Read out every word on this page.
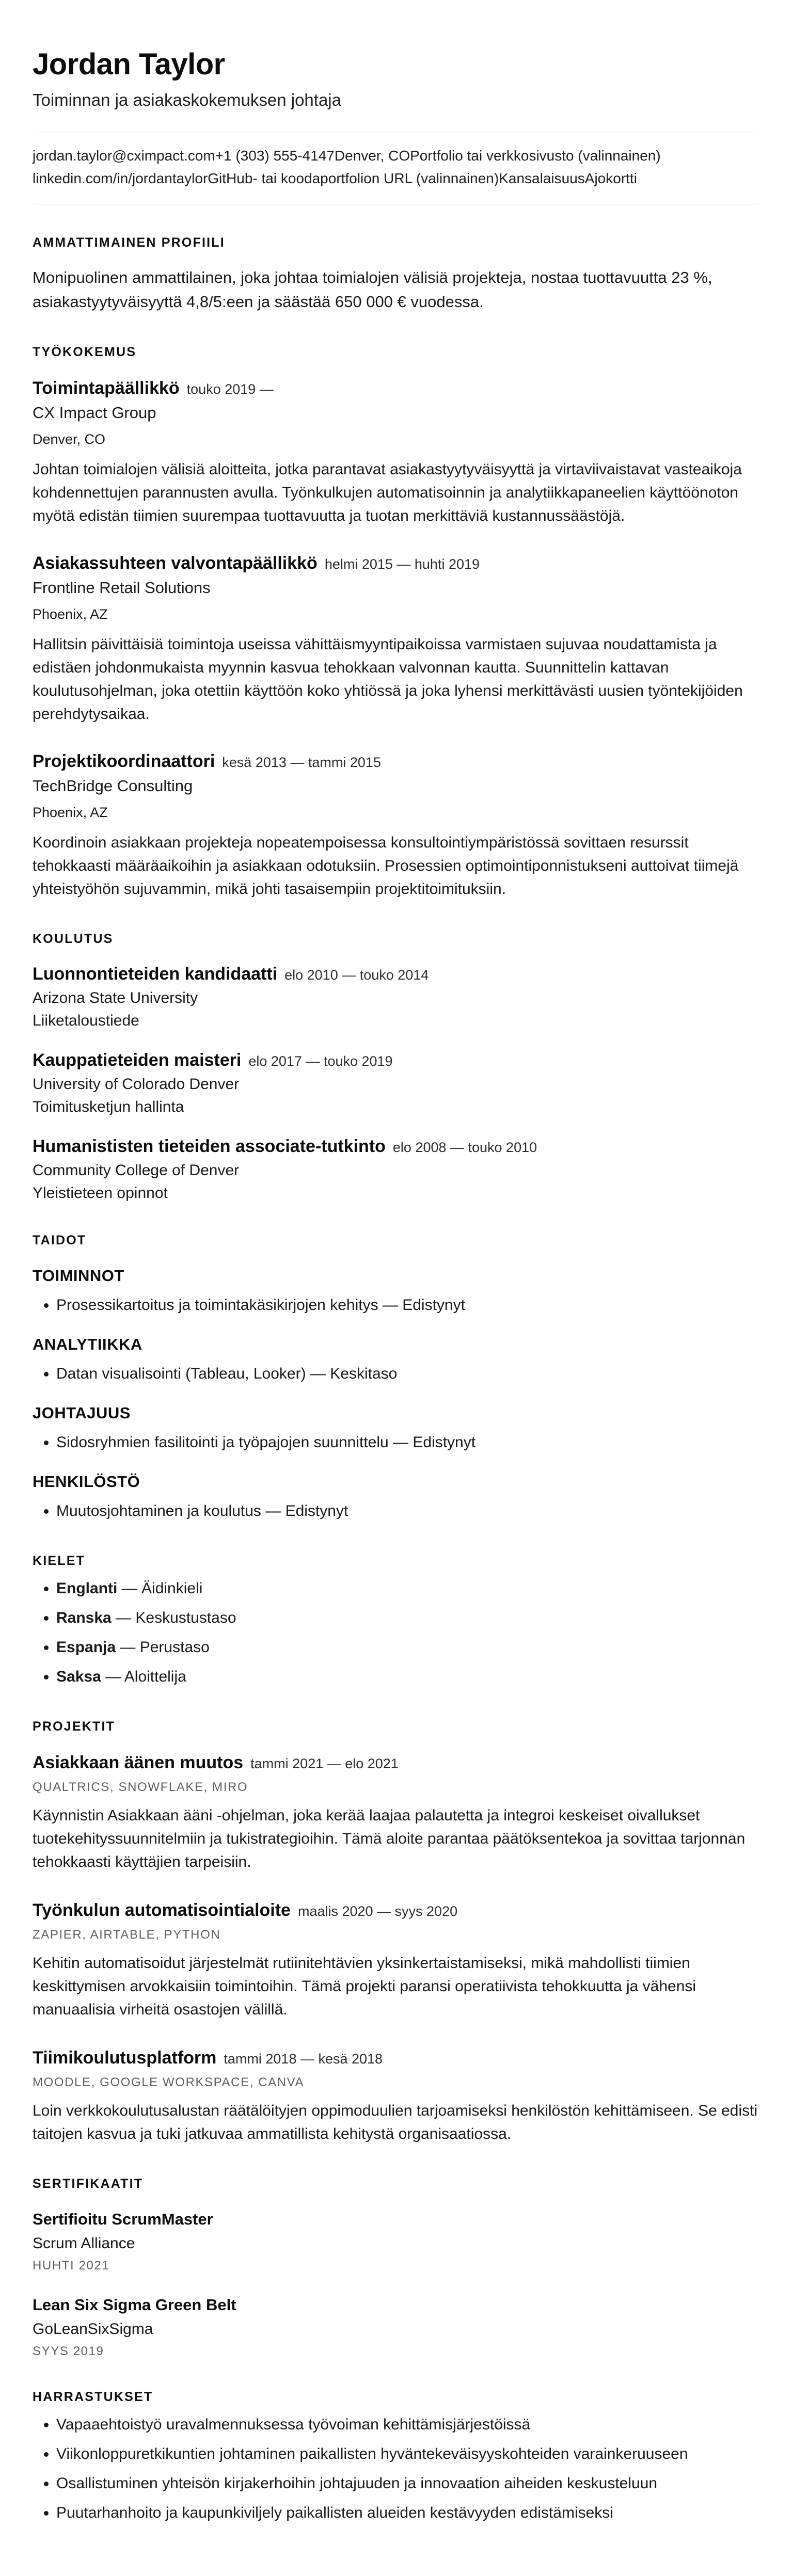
Jordan Taylor
Toiminnan ja asiakaskokemuksen johtaja
jordan.taylor@cximpact.com+1 (303) 555-4147Denver, COPortfolio tai verkkosivusto (valinnainen)
linkedin.com/in/jordantaylorGitHub- tai koodaportfolion URL (valinnainen)KansalaisuusAjokortti
AMMATTIMAINEN PROFIILI

Monipuolinen ammattilainen, joka johtaa toimialojen välisiä projekteja, nostaa tuottavuutta 23 %, asiakastyytyväisyyttä 4,8/5:een ja säästää 650 000 € vuodessa.

TYÖKOKEMUS
Toimintapäällikkö touko 2019 —
CX Impact Group
Denver, CO

Johtan toimialojen välisiä aloitteita, jotka parantavat asiakastyytyväisyyttä ja virtaviivaistavat vasteaikoja kohdennettujen parannusten avulla. Työnkulkujen automatisoinnin ja analytiikkapaneelien käyttöönoton myötä edistän tiimien suurempaa tuottavuutta ja tuotan merkittäviä kustannussäästöjä.

Asiakassuhteen valvontapäällikkö helmi 2015 — huhti 2019
Frontline Retail Solutions
Phoenix, AZ

Hallitsin päivittäisiä toimintoja useissa vähittäismyyntipaikoissa varmistaen sujuvaa noudattamista ja edistäen johdonmukaista myynnin kasvua tehokkaan valvonnan kautta. Suunnittelin kattavan koulutusohjelman, joka otettiin käyttöön koko yhtiössä ja joka lyhensi merkittävästi uusien työntekijöiden perehdytysaikaa.

Projektikoordinaattori kesä 2013 — tammi 2015
TechBridge Consulting
Phoenix, AZ

Koordinoin asiakkaan projekteja nopeatempoisessa konsultointiympäristössä sovittaen resurssit tehokkaasti määräaikoihin ja asiakkaan odotuksiin. Prosessien optimointiponnistukseni auttoivat tiimejä yhteistyöhön sujuvammin, mikä johti tasaisempiin projektitoimituksiin.

KOULUTUS
Luonnontieteiden kandidaatti elo 2010 — touko 2014
Arizona State University
Liiketaloustiede
Kauppatieteiden maisteri elo 2017 — touko 2019
University of Colorado Denver
Toimitusketjun hallinta
Humanististen tieteiden associate-tutkinto elo 2008 — touko 2010
Community College of Denver
Yleistieteen opinnot
TAIDOT
TOIMINNOT
• Prosessikartoitus ja toimintakäsikirjojen kehitys — Edistynyt
ANALYTIIKKA
• Datan visualisointi (Tableau, Looker) — Keskitaso
JOHTAJUUS
• Sidosryhmien fasilitointi ja työpajojen suunnittelu — Edistynyt
HENKILÖSTÖ
• Muutosjohtaminen ja koulutus — Edistynyt
KIELET
• Englanti — Äidinkieli
• Ranska — Keskustustaso
• Espanja — Perustaso
• Saksa — Aloittelija
PROJEKTIT
Asiakkaan äänen muutos tammi 2021 — elo 2021
QUALTRICS, SNOWFLAKE, MIRO

Käynnistin Asiakkaan ääni -ohjelman, joka kerää laajaa palautetta ja integroi keskeiset oivallukset tuotekehityssuunnitelmiin ja tukistrategioihin. Tämä aloite parantaa päätöksentekoa ja sovittaa tarjonnan tehokkaasti käyttäjien tarpeisiin.

Työnkulun automatisointialoite maalis 2020 — syys 2020
ZAPIER, AIRTABLE, PYTHON

Kehitin automatisoidut järjestelmät rutiinitehtävien yksinkertaistamiseksi, mikä mahdollisti tiimien keskittymisen arvokkaisiin toimintoihin. Tämä projekti paransi operatiivista tehokkuutta ja vähensi manuaalisia virheitä osastojen välillä.

Tiimikoulutusplatform tammi 2018 — kesä 2018
MOODLE, GOOGLE WORKSPACE, CANVA

Loin verkkokoulutusalustan räätälöityjen oppimoduulien tarjoamiseksi henkilöstön kehittämiseen. Se edisti taitojen kasvua ja tuki jatkuvaa ammatillista kehitystä organisaatiossa.

SERTIFIKAATIT
Sertifioitu ScrumMaster
Scrum Alliance
HUHTI 2021
Lean Six Sigma Green Belt
GoLeanSixSigma
SYYS 2019
HARRASTUKSET
• Vapaaehtoistyö uravalmennuksessa työvoiman kehittämisjärjestöissä
• Viikonloppuretkikuntien johtaminen paikallisten hyväntekeväisyyskohteiden varainkeruuseen
• Osallistuminen yhteisön kirjakerhoihin johtajuuden ja innovaation aiheiden keskusteluun
• Puutarhanhoito ja kaupunkiviljely paikallisten alueiden kestävyyden edistämiseksi
